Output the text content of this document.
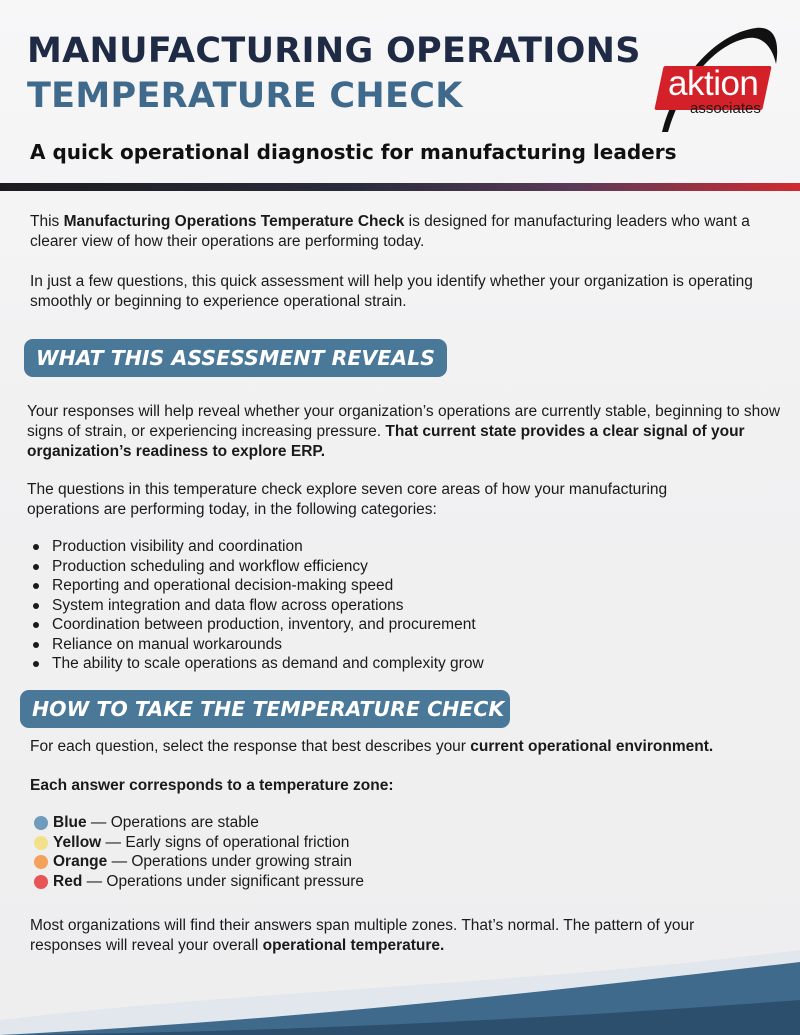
MANUFACTURING OPERATIONS
TEMPERATURE CHECK	aktion
associates
A quick operational diagnostic for manufacturing leaders

This Manufacturing Operations Temperature Check is designed for manufacturing leaders who want a clearer view of how their operations are performing today.

In just a few questions, this quick assessment will help you identify whether your organization is operating smoothly or beginning to experience operational strain.

WHAT THIS ASSESSMENT REVEALS

Your responses will help reveal whether your organization’s operations are currently stable, beginning to show signs of strain, or experiencing increasing pressure. That current state provides a clear signal of your organization’s readiness to explore ERP.

The questions in this temperature check explore seven core areas of how your manufacturing operations are performing today, in the following categories:

Production visibility and coordination
Production scheduling and workflow efficiency
Reporting and operational decision-making speed
System integration and data flow across operations
Coordination between production, inventory, and procurement
Reliance on manual workarounds
The ability to scale operations as demand and complexity grow
HOW TO TAKE THE TEMPERATURE CHECK

For each question, select the response that best describes your current operational environment.

Each answer corresponds to a temperature zone:

Blue — Operations are stable
Yellow — Early signs of operational friction
Orange — Operations under growing strain
Red — Operations under significant pressure

Most organizations will find their answers span multiple zones. That’s normal. The pattern of your responses will reveal your overall operational temperature.
